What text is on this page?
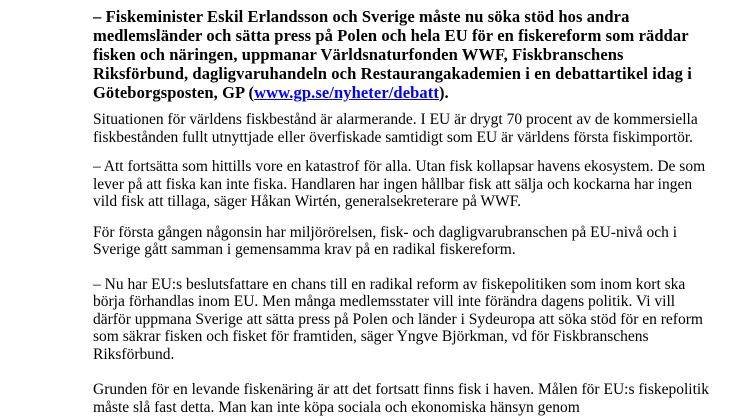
– Fiskeminister Eskil Erlandsson och Sverige måste nu söka stöd hos andra medlemsländer och sätta press på Polen och hela EU för en fiskereform som räddar fisken och näringen, uppmanar Världsnaturfonden WWF, Fiskbranschens Riksförbund, dagligvaruhandeln och Restaurangakademien i en debattartikel idag i Göteborgsposten, GP (www.gp.se/nyheter/debatt).

Situationen för världens fiskbestånd är alarmerande. I EU är drygt 70 procent av de kommersiella fiskbestånden fullt utnyttjade eller överfiskade samtidigt som EU är världens första fiskimportör.

– Att fortsätta som hittills vore en katastrof för alla. Utan fisk kollapsar havens ekosystem. De som lever på att fiska kan inte fiska. Handlaren har ingen hållbar fisk att sälja och kockarna har ingen vild fisk att tillaga, säger Håkan Wirtén, generalsekreterare på WWF.

För första gången någonsin har miljörörelsen, fisk- och dagligvarubranschen på EU-nivå och i Sverige gått samman i gemensamma krav på en radikal fiskereform.

– Nu har EU:s beslutsfattare en chans till en radikal reform av fiskepolitiken som inom kort ska börja förhandlas inom EU. Men många medlemsstater vill inte förändra dagens politik. Vi vill därför uppmana Sverige att sätta press på Polen och länder i Sydeuropa att söka stöd för en reform som säkrar fisken och fisket för framtiden, säger Yngve Björkman, vd för Fiskbranschens Riksförbund.

Grunden för en levande fiskenäring är att det fortsatt finns fisk i haven. Målen för EU:s fiskepolitik måste slå fast detta. Man kan inte köpa sociala och ekonomiska hänsyn genom
